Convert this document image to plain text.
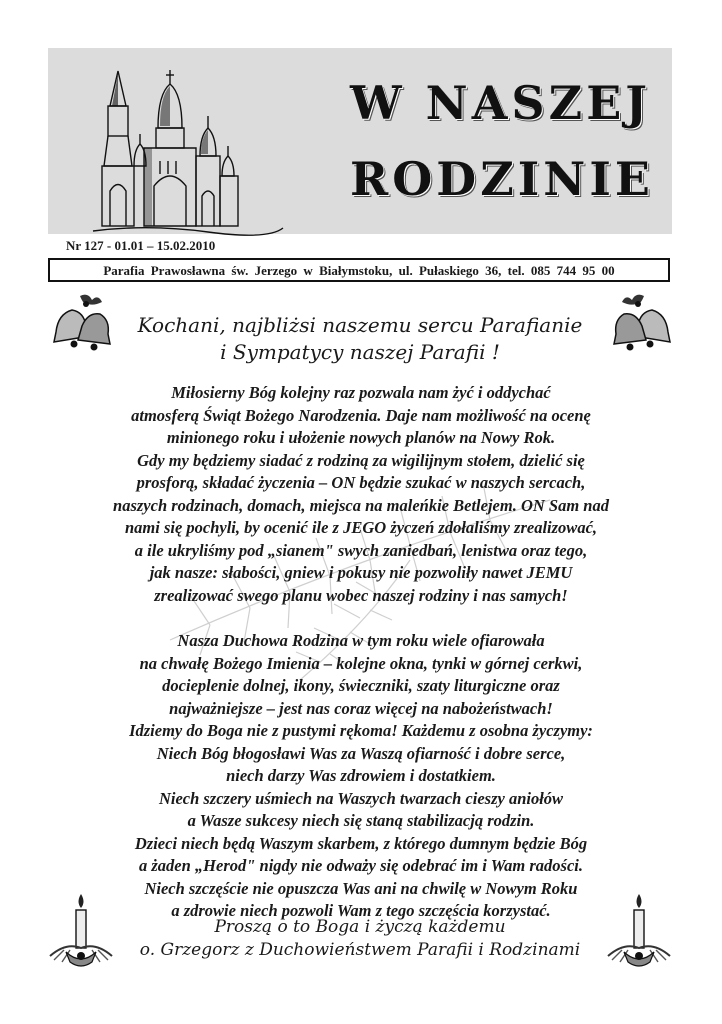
W NASZEJ
RODZINIE
Nr 127 - 01.01 – 15.02.2010
Parafia Prawosławna św. Jerzego w Białymstoku, ul. Pułaskiego 36, tel. 085 744 95 00
Kochani, najbliżsi naszemu sercu Parafianie
i Sympatycy naszej Parafii !
Miłosierny Bóg kolejny raz pozwala nam żyć i oddychać
atmosferą Świąt Bożego Narodzenia. Daje nam możliwość na ocenę
minionego roku i ułożenie nowych planów na Nowy Rok.
Gdy my będziemy siadać z rodziną za wigilijnym stołem, dzielić się
prosforą, składać życzenia – ON będzie szukać w naszych sercach,
naszych rodzinach, domach, miejsca na maleńkie Betlejem. ON Sam nad
nami się pochyli, by ocenić ile z JEGO życzeń zdołaliśmy zrealizować,
a ile ukryliśmy pod „sianem" swych zaniedbań, lenistwa oraz tego,
jak nasze: słabości, gniew i pokusy nie pozwoliły nawet JEMU
zrealizować swego planu wobec naszej rodziny i nas samych!
Nasza Duchowa Rodzina w tym roku wiele ofiarowała
na chwałę Bożego Imienia – kolejne okna, tynki w górnej cerkwi,
docieplenie dolnej, ikony, świeczniki, szaty liturgiczne oraz
najważniejsze – jest nas coraz więcej na nabożeństwach!
Idziemy do Boga nie z pustymi rękoma! Każdemu z osobna życzymy:
Niech Bóg błogosławi Was za Waszą ofiarność i dobre serce,
niech darzy Was zdrowiem i dostatkiem.
Niech szczery uśmiech na Waszych twarzach cieszy aniołów
a Wasze sukcesy niech się staną stabilizacją rodzin.
Dzieci niech będą Waszym skarbem, z którego dumnym będzie Bóg
a żaden „Herod" nigdy nie odważy się odebrać im i Wam radości.
Niech szczęście nie opuszcza Was ani na chwilę w Nowym Roku
a zdrowie niech pozwoli Wam z tego szczęścia korzystać.
Proszą o to Boga i życzą każdemu
o. Grzegorz z Duchowieństwem Parafii i Rodzinami
